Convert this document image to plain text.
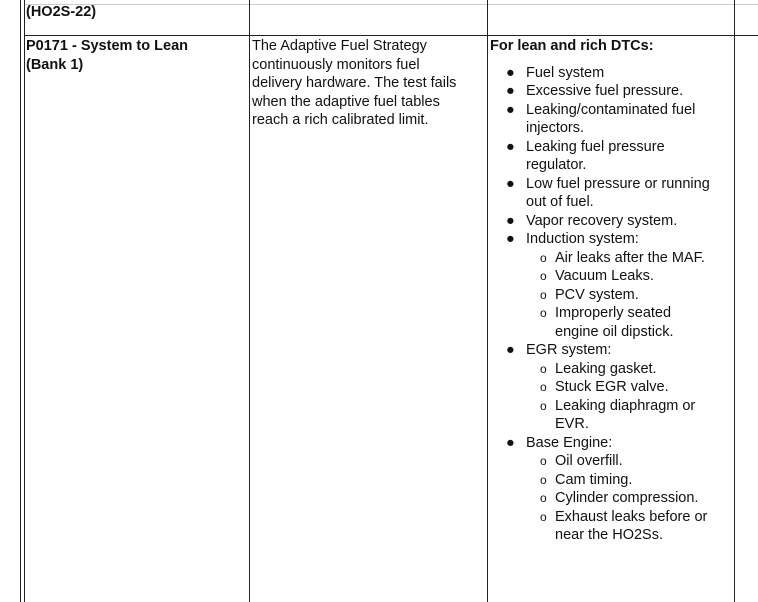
(HO2S-22)
P0171 - System to Lean
(Bank 1)
The Adaptive Fuel Strategy
continuously monitors fuel
delivery hardware. The test fails
when the adaptive fuel tables
reach a rich calibrated limit.
For lean and rich DTCs:
● Fuel system
● Excessive fuel pressure.
● Leaking/contaminated fuel
injectors.
● Leaking fuel pressure
regulator.
● Low fuel pressure or running
out of fuel.
● Vapor recovery system.
● Induction system:
o Air leaks after the MAF.
o Vacuum Leaks.
o PCV system.
o Improperly seated
engine oil dipstick.
● EGR system:
o Leaking gasket.
o Stuck EGR valve.
o Leaking diaphragm or
EVR.
● Base Engine:
o Oil overfill.
o Cam timing.
o Cylinder compression.
o Exhaust leaks before or
near the HO2Ss.
